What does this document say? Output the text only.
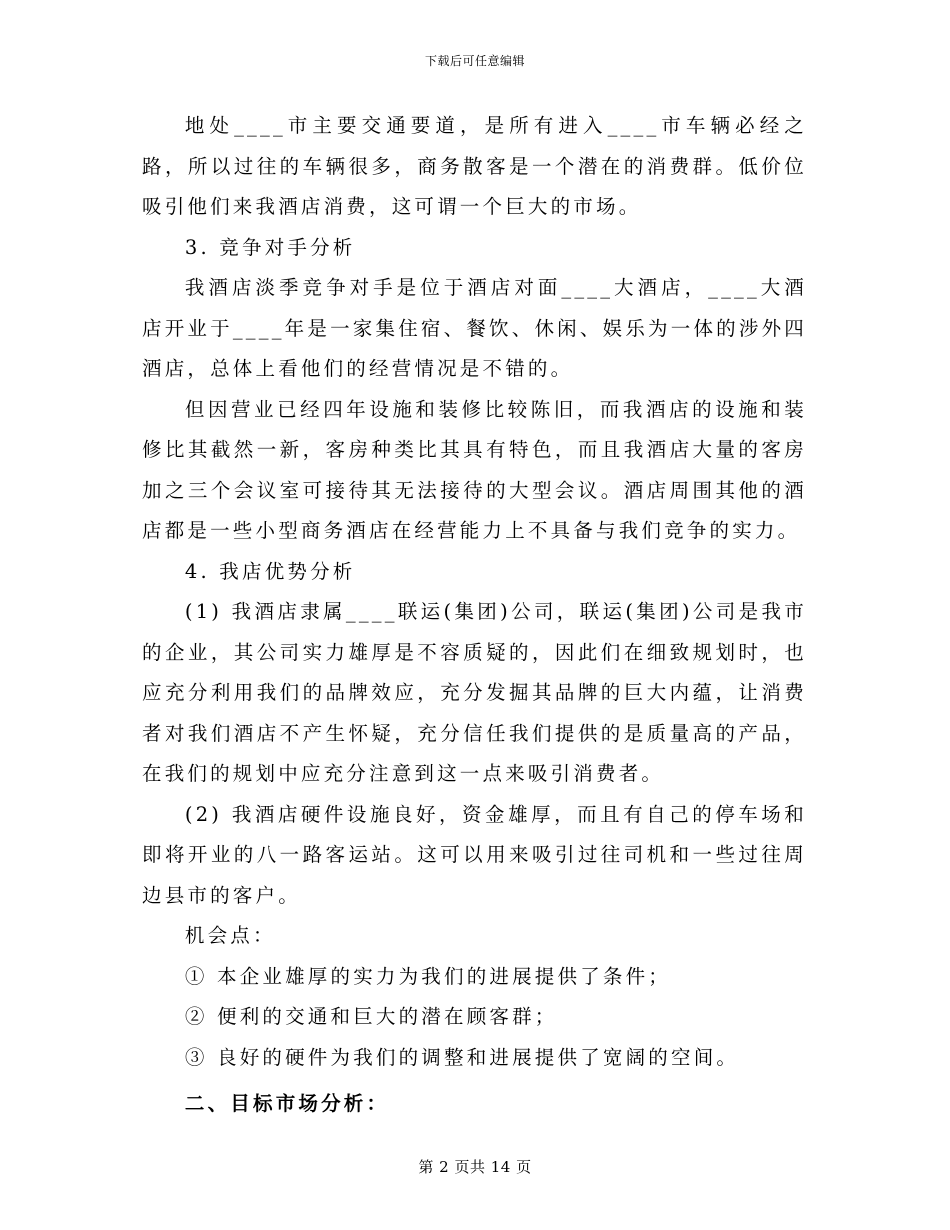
下载后可任意编辑

地处____市主要交通要道，是所有进入____市车辆必经之路，所以过往的车辆很多，商务散客是一个潜在的消费群。低价位吸引他们来我酒店消费，这可谓一个巨大的市场。

3. 竞争对手分析

我酒店淡季竞争对手是位于酒店对面____大酒店，____大酒店开业于____年是一家集住宿、餐饮、休闲、娱乐为一体的涉外四酒店，总体上看他们的经营情况是不错的。

但因营业已经四年设施和装修比较陈旧，而我酒店的设施和装修比其截然一新，客房种类比其具有特色，而且我酒店大量的客房加之三个会议室可接待其无法接待的大型会议。酒店周围其他的酒店都是一些小型商务酒店在经营能力上不具备与我们竞争的实力。

4. 我店优势分析

(1) 我酒店隶属____联运(集团)公司，联运(集团)公司是我市的企业，其公司实力雄厚是不容质疑的，因此们在细致规划时，也应充分利用我们的品牌效应，充分发掘其品牌的巨大内蕴，让消费者对我们酒店不产生怀疑，充分信任我们提供的是质量高的产品，在我们的规划中应充分注意到这一点来吸引消费者。

(2) 我酒店硬件设施良好，资金雄厚，而且有自己的停车场和即将开业的八一路客运站。这可以用来吸引过往司机和一些过往周边县市的客户。

机会点：

① 本企业雄厚的实力为我们的进展提供了条件；

② 便利的交通和巨大的潜在顾客群；

③ 良好的硬件为我们的调整和进展提供了宽阔的空间。

二、目标市场分析：

第 2 页共 14 页
